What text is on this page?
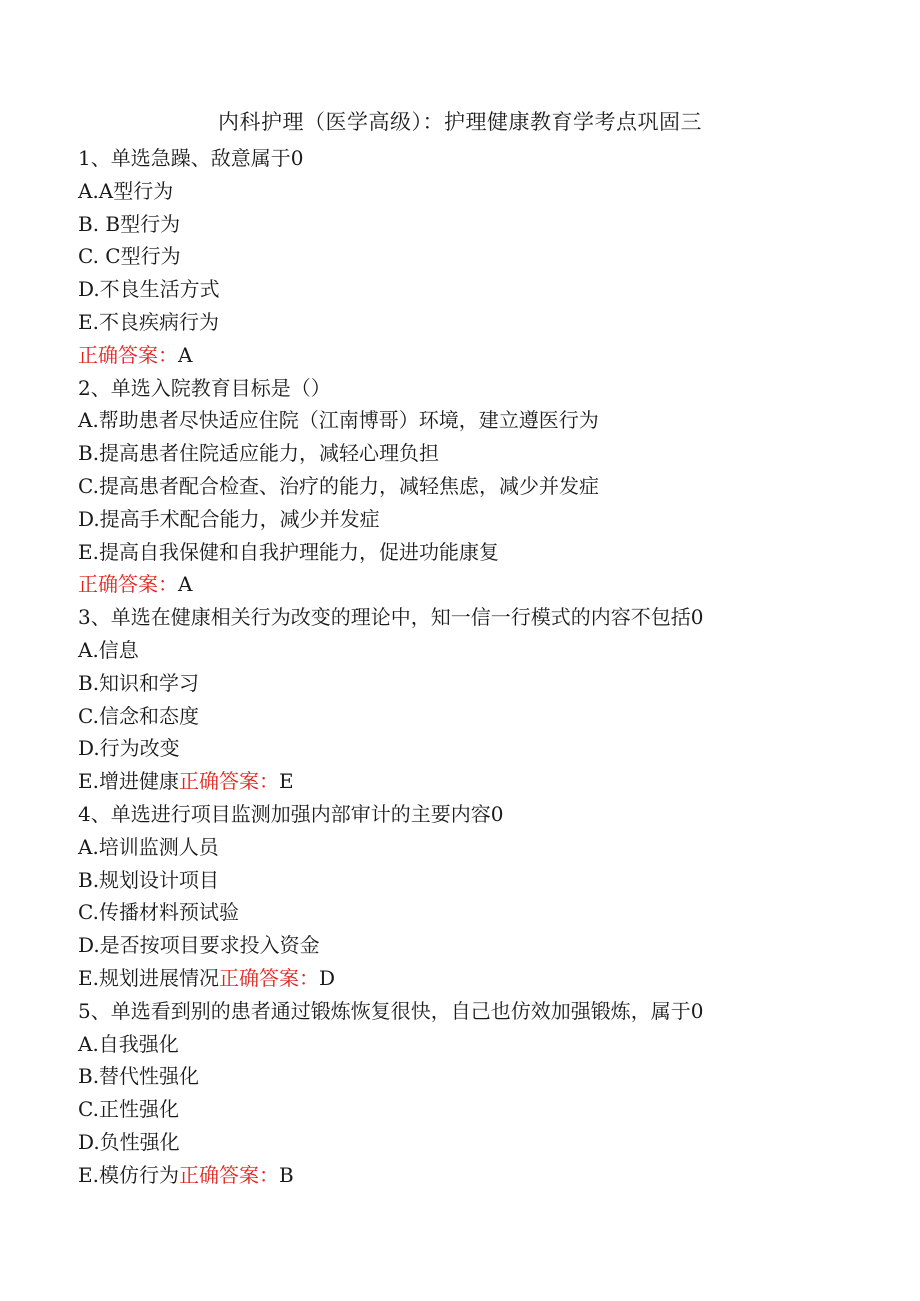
内科护理（医学高级）：护理健康教育学考点巩固三
1、单选急躁、敌意属于0
A.A型行为
B. B型行为
C. C型行为
D.不良生活方式
E.不良疾病行为
正确答案：A
2、单选入院教育目标是（）
A.帮助患者尽快适应住院（江南博哥）环境，建立遵医行为
B.提高患者住院适应能力，减轻心理负担
C.提高患者配合检查、治疗的能力，减轻焦虑，减少并发症
D.提高手术配合能力，减少并发症
E.提高自我保健和自我护理能力，促进功能康复
正确答案：A
3、单选在健康相关行为改变的理论中，知一信一行模式的内容不包括0
A.信息
B.知识和学习
C.信念和态度
D.行为改变
E.增进健康正确答案：E
4、单选进行项目监测加强内部审计的主要内容0
A.培训监测人员
B.规划设计项目
C.传播材料预试验
D.是否按项目要求投入资金
E.规划进展情况正确答案：D
5、单选看到别的患者通过锻炼恢复很快，自己也仿效加强锻炼，属于0
A.自我强化
B.替代性强化
C.正性强化
D.负性强化
E.模仿行为正确答案：B
